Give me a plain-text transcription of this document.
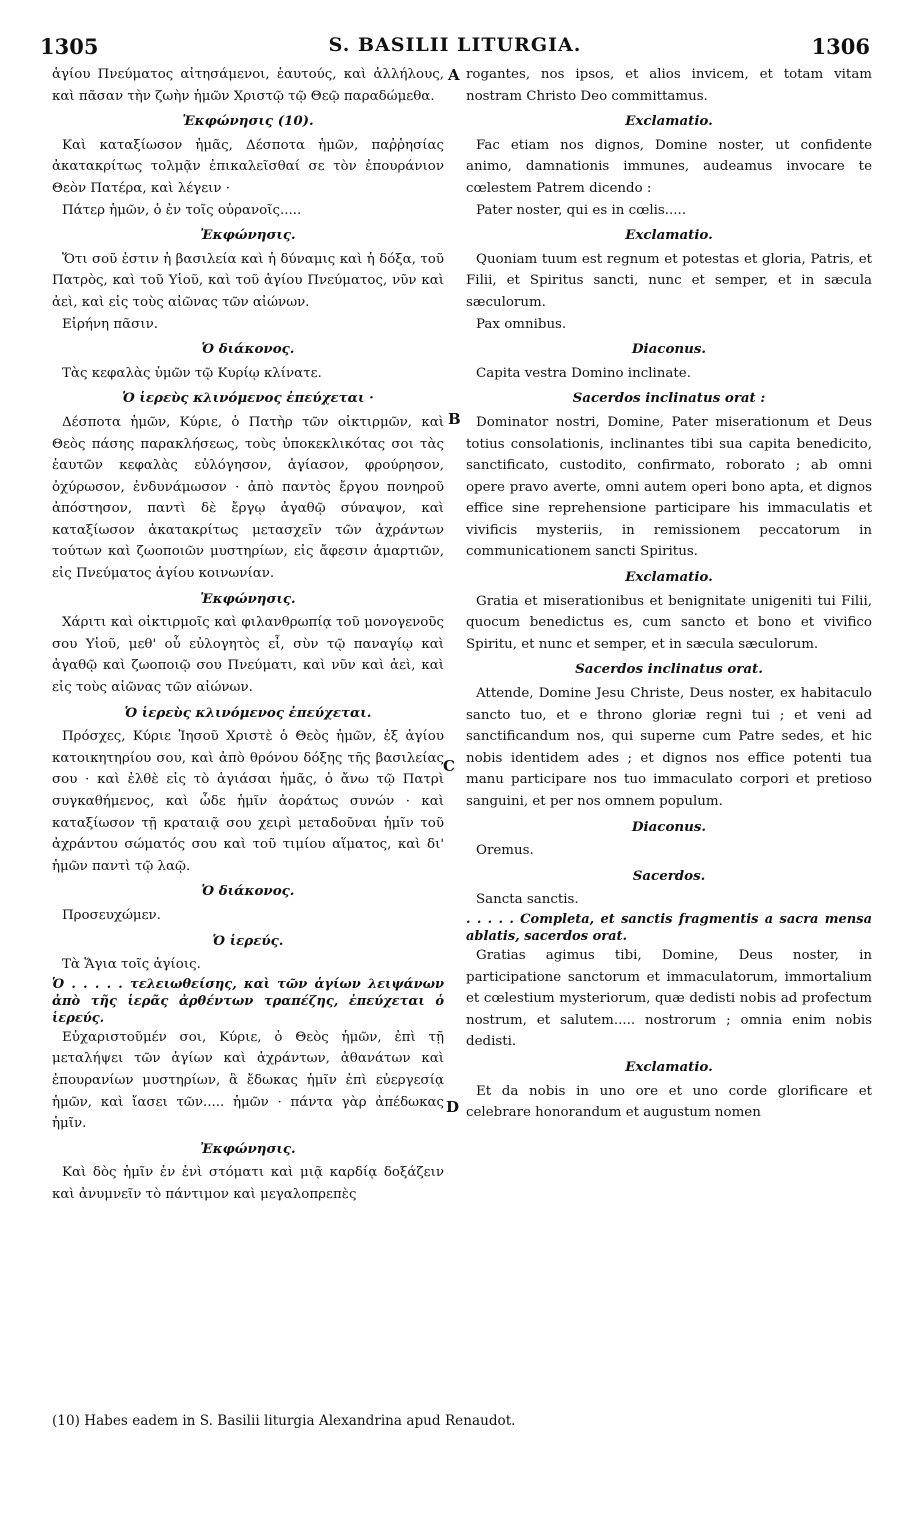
1305	S. BASILII LITURGIA.	1306

ἁγίου Πνεύματος αἰτησάμενοι, ἑαυτούς, καὶ ἀλλήλους, καὶ πᾶσαν τὴν ζωὴν ἡμῶν Χριστῷ τῷ Θεῷ παραδώμεθα.

Ἐκφώνησις (10).

Καὶ καταξίωσον ἡμᾶς, Δέσποτα ἡμῶν, παῤῥησίας ἀκατακρίτως τολμᾷν ἐπικαλεῖσθαί σε τὸν ἐπουράνιον Θεὸν Πατέρα, καὶ λέγειν ·

Πάτερ ἡμῶν, ὁ ἐν τοῖς οὐρανοῖς.....

Ἐκφώνησις.

Ὅτι σοῦ ἐστιν ἡ βασιλεία καὶ ἡ δύναμις καὶ ἡ δόξα, τοῦ Πατρὸς, καὶ τοῦ Υἱοῦ, καὶ τοῦ ἁγίου Πνεύματος, νῦν καὶ ἀεὶ, καὶ εἰς τοὺς αἰῶνας τῶν αἰώνων.

Εἰρήνη πᾶσιν.

Ὁ διάκονος.

Τὰς κεφαλὰς ὑμῶν τῷ Κυρίῳ κλίνατε.

Ὁ ἱερεὺς κλινόμενος ἐπεύχεται ·

Δέσποτα ἡμῶν, Κύριε, ὁ Πατὴρ τῶν οἰκτιρμῶν, καὶ Θεὸς πάσης παρακλήσεως, τοὺς ὑποκεκλικότας σοι τὰς ἑαυτῶν κεφαλὰς εὐλόγησον, ἁγίασον, φρούρησον, ὀχύρωσον, ἐνδυνάμωσον · ἀπὸ παντὸς ἔργου πονηροῦ ἀπόστησον, παντὶ δὲ ἔργῳ ἀγαθῷ σύναψον, καὶ καταξίωσον ἀκατακρίτως μετασχεῖν τῶν ἀχράντων τούτων καὶ ζωοποιῶν μυστηρίων, εἰς ἄφεσιν ἁμαρτιῶν, εἰς Πνεύματος ἁγίου κοινωνίαν.

Ἐκφώνησις.

Χάριτι καὶ οἰκτιρμοῖς καὶ φιλανθρωπίᾳ τοῦ μονογενοῦς σου Υἱοῦ, μεθ' οὗ εὐλογητὸς εἶ, σὺν τῷ παναγίῳ καὶ ἀγαθῷ καὶ ζωοποιῷ σου Πνεύματι, καὶ νῦν καὶ ἀεὶ, καὶ εἰς τοὺς αἰῶνας τῶν αἰώνων.

Ὁ ἱερεὺς κλινόμενος ἐπεύχεται.

Πρόσχες, Κύριε Ἰησοῦ Χριστὲ ὁ Θεὸς ἡμῶν, ἐξ ἁγίου κατοικητηρίου σου, καὶ ἀπὸ θρόνου δόξης τῆς βασιλείας σου · καὶ ἐλθὲ εἰς τὸ ἁγιάσαι ἡμᾶς, ὁ ἄνω τῷ Πατρὶ συγκαθήμενος, καὶ ὧδε ἡμῖν ἀοράτως συνών · καὶ καταξίωσον τῇ κραταιᾷ σου χειρὶ μεταδοῦναι ἡμῖν τοῦ ἀχράντου σώματός σου καὶ τοῦ τιμίου αἵματος, καὶ δι' ἡμῶν παντὶ τῷ λαῷ.

Ὁ διάκονος.

Προσευχώμεν.

Ὁ ἱερεύς.

Τὰ Ἅγια τοῖς ἁγίοις.

Ὁ . . . . . τελειωθείσης, καὶ τῶν ἁγίων λειψάνων ἀπὸ τῆς ἱερᾶς ἀρθέντων τραπέζης, ἐπεύχεται ὁ ἱερεύς.

Εὐχαριστοῦμέν σοι, Κύριε, ὁ Θεὸς ἡμῶν, ἐπὶ τῇ μεταλήψει τῶν ἁγίων καὶ ἀχράντων, ἀθανάτων καὶ ἐπουρανίων μυστηρίων, ἃ ἔδωκας ἡμῖν ἐπὶ εὐεργεσίᾳ ἡμῶν, καὶ ἴασει τῶν..... ἡμῶν · πάντα γὰρ ἀπέδωκας ἡμῖν.

Ἐκφώνησις.

Καὶ δὸς ἡμῖν ἐν ἑνὶ στόματι καὶ μιᾷ καρδίᾳ δοξάζειν καὶ ἀνυμνεῖν τὸ πάντιμον καὶ μεγαλοπρεπὲς

A
B
C
D

rogantes, nos ipsos, et alios invicem, et totam vitam nostram Christo Deo committamus.

Exclamatio.

Fac etiam nos dignos, Domine noster, ut confidente animo, damnationis immunes, audeamus invocare te cœlestem Patrem dicendo :

Pater noster, qui es in cœlis.....

Exclamatio.

Quoniam tuum est regnum et potestas et gloria, Patris, et Filii, et Spiritus sancti, nunc et semper, et in sæcula sæculorum.

Pax omnibus.

Diaconus.

Capita vestra Domino inclinate.

Sacerdos inclinatus orat :

Dominator nostri, Domine, Pater miserationum et Deus totius consolationis, inclinantes tibi sua capita benedicito, sanctificato, custodito, confirmato, roborato ; ab omni opere pravo averte, omni autem operi bono apta, et dignos effice sine reprehensione participare his immaculatis et vivificis mysteriis, in remissionem peccatorum in communicationem sancti Spiritus.

Exclamatio.

Gratia et miserationibus et benignitate unigeniti tui Filii, quocum benedictus es, cum sancto et bono et vivifico Spiritu, et nunc et semper, et in sæcula sæculorum.

Sacerdos inclinatus orat.

Attende, Domine Jesu Christe, Deus noster, ex habitaculo sancto tuo, et e throno gloriæ regni tui ; et veni ad sanctificandum nos, qui superne cum Patre sedes, et hic nobis identidem ades ; et dignos nos effice potenti tua manu participare nos tuo immaculato corpori et pretioso sanguini, et per nos omnem populum.

Diaconus.

Oremus.

Sacerdos.

Sancta sanctis.

. . . . . Completa, et sanctis fragmentis a sacra mensa ablatis, sacerdos orat.

Gratias agimus tibi, Domine, Deus noster, in participatione sanctorum et immaculatorum, immortalium et cœlestium mysteriorum, quæ dedisti nobis ad profectum nostrum, et salutem..... nostrorum ; omnia enim nobis dedisti.

Exclamatio.

Et da nobis in uno ore et uno corde glorificare et celebrare honorandum et augustum nomen

(10) Habes eadem in S. Basilii liturgia Alexandrina apud Renaudot.
